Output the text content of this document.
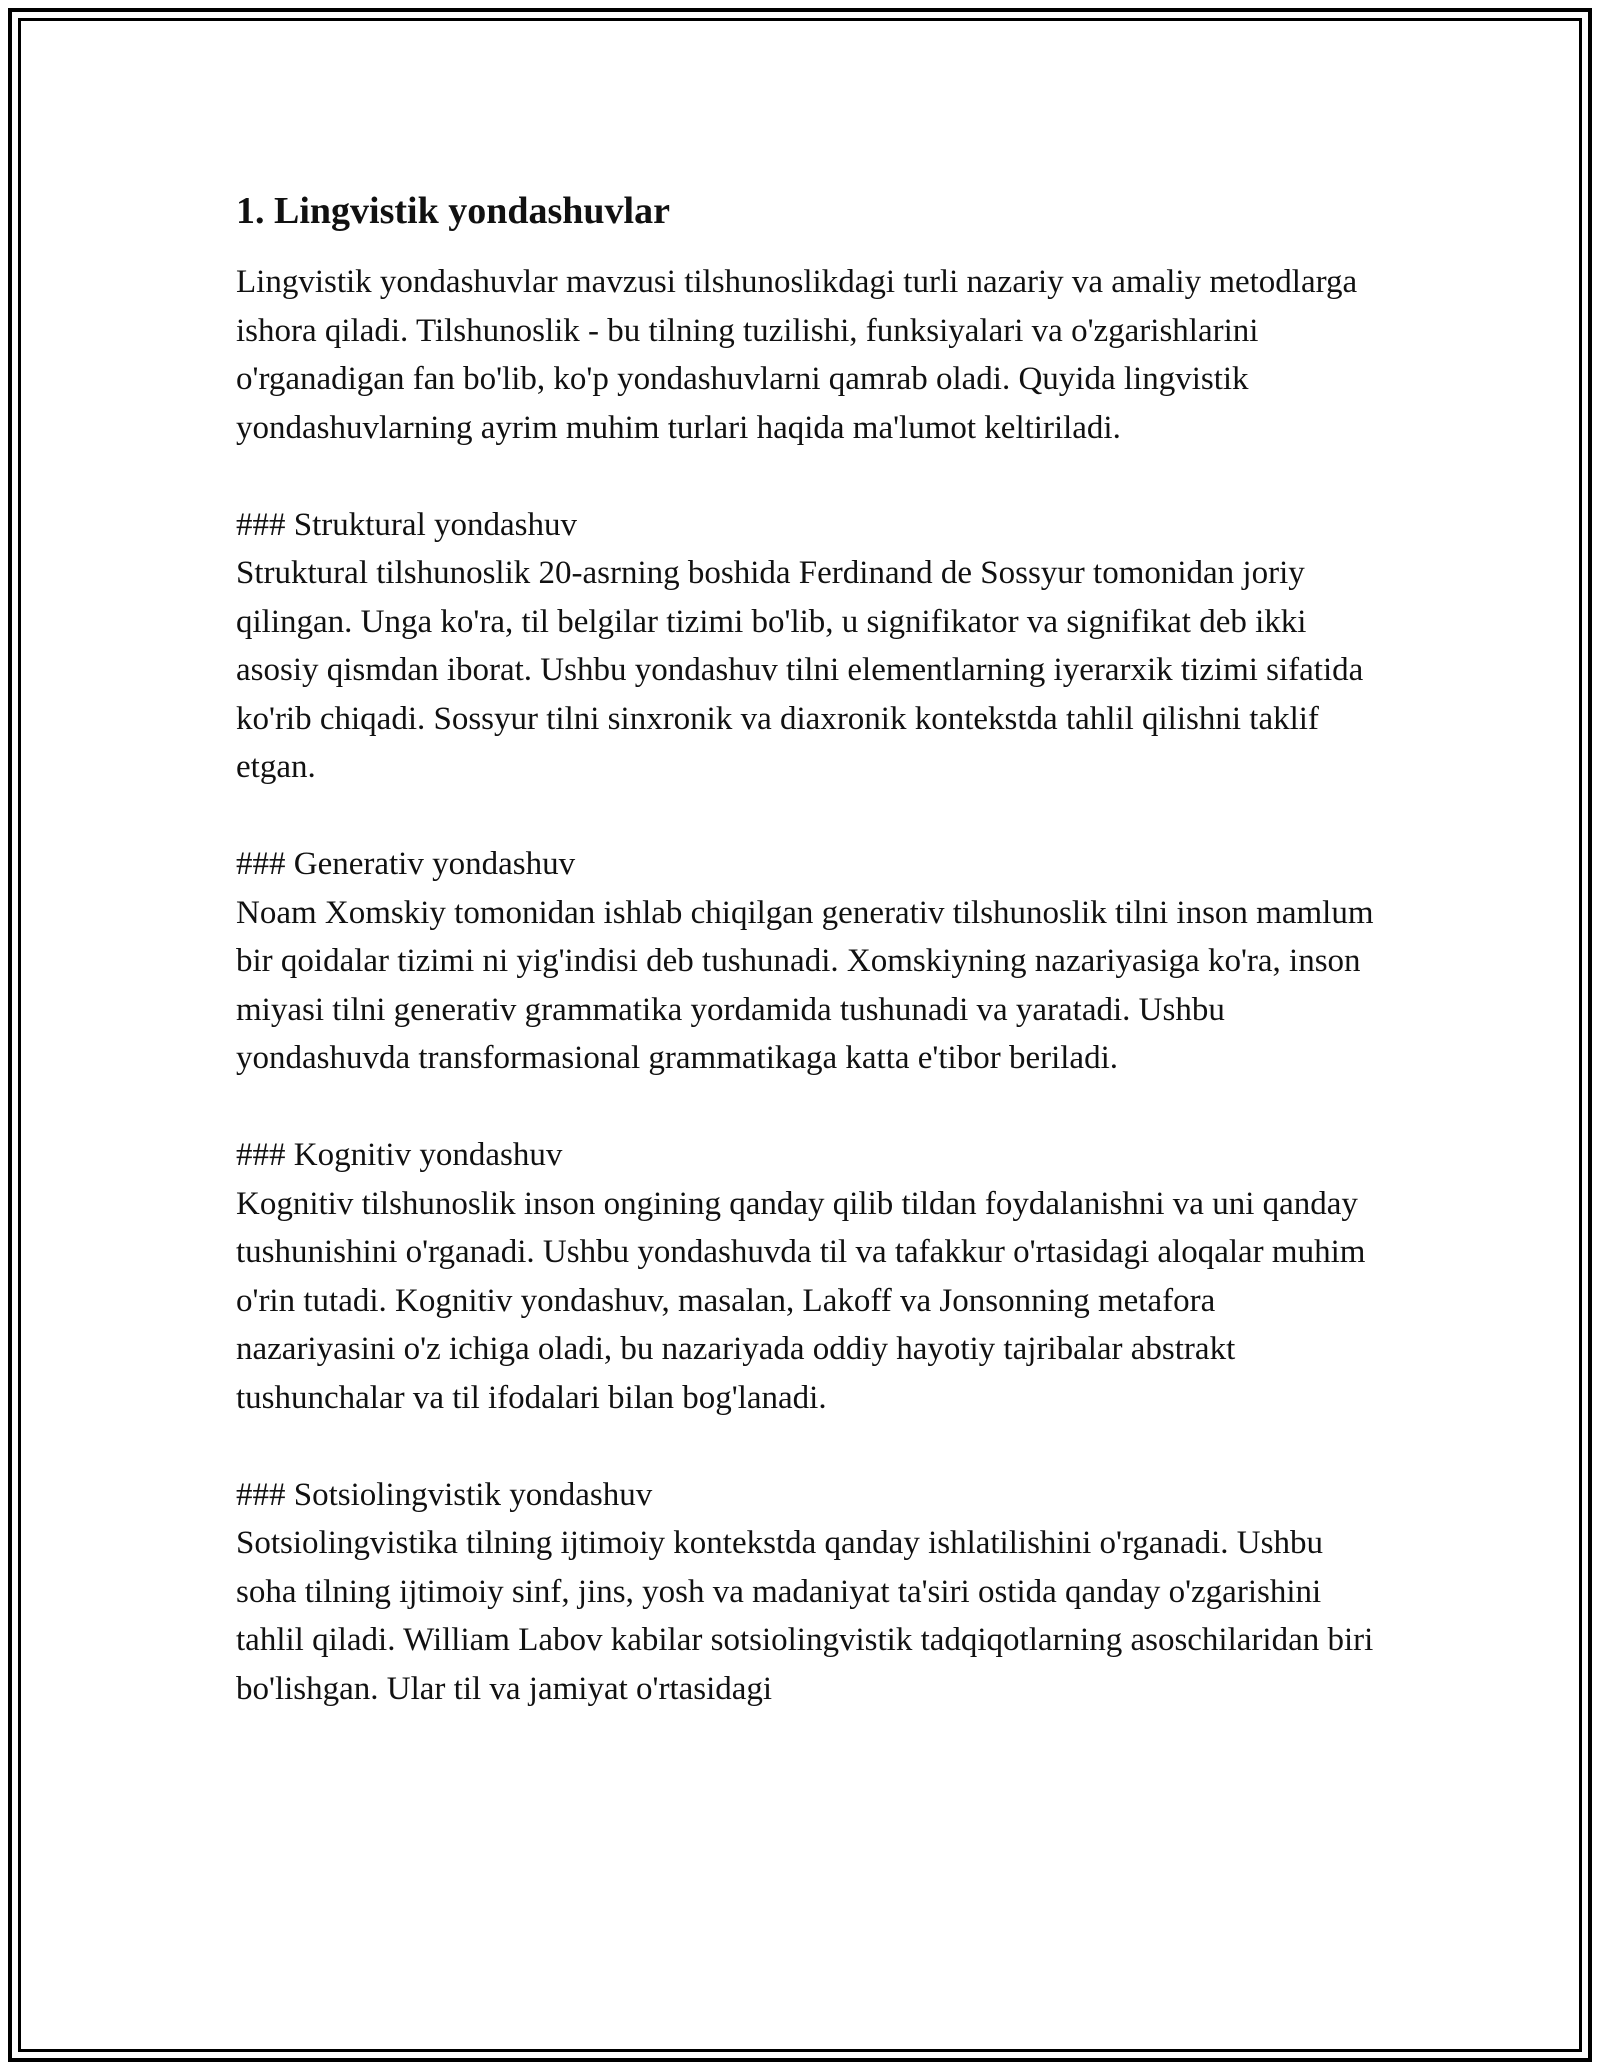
1. Lingvistik yondashuvlar

Lingvistik yondashuvlar mavzusi tilshunoslikdagi turli nazariy va amaliy metodlarga ishora qiladi. Tilshunoslik - bu tilning tuzilishi, funksiyalari va o'zgarishlarini o'rganadigan fan bo'lib, ko'p yondashuvlarni qamrab oladi. Quyida lingvistik yondashuvlarning ayrim muhim turlari haqida ma'lumot keltiriladi.

### Struktural yondashuv
Struktural tilshunoslik 20-asrning boshida Ferdinand de Sossyur tomonidan joriy qilingan. Unga ko'ra, til belgilar tizimi bo'lib, u signifikator va signifikat deb ikki asosiy qismdan iborat. Ushbu yondashuv tilni elementlarning iyerarxik tizimi sifatida ko'rib chiqadi. Sossyur tilni sinxronik va diaxronik kontekstda tahlil qilishni taklif etgan.

### Generativ yondashuv
Noam Xomskiy tomonidan ishlab chiqilgan generativ tilshunoslik tilni inson mamlum bir qoidalar tizimi ni yig'indisi deb tushunadi. Xomskiyning nazariyasiga ko'ra, inson miyasi tilni generativ grammatika yordamida tushunadi va yaratadi. Ushbu yondashuvda transformasional grammatikaga katta e'tibor beriladi.

### Kognitiv yondashuv
Kognitiv tilshunoslik inson ongining qanday qilib tildan foydalanishni va uni qanday tushunishini o'rganadi. Ushbu yondashuvda til va tafakkur o'rtasidagi aloqalar muhim o'rin tutadi. Kognitiv yondashuv, masalan, Lakoff va Jonsonning metafora nazariyasini o'z ichiga oladi, bu nazariyada oddiy hayotiy tajribalar abstrakt tushunchalar va til ifodalari bilan bog'lanadi.

### Sotsiolingvistik yondashuv
Sotsiolingvistika tilning ijtimoiy kontekstda qanday ishlatilishini o'rganadi. Ushbu soha tilning ijtimoiy sinf, jins, yosh va madaniyat ta'siri ostida qanday o'zgarishini tahlil qiladi. William Labov kabilar sotsiolingvistik tadqiqotlarning asoschilaridan biri bo'lishgan. Ular til va jamiyat o'rtasidagi
